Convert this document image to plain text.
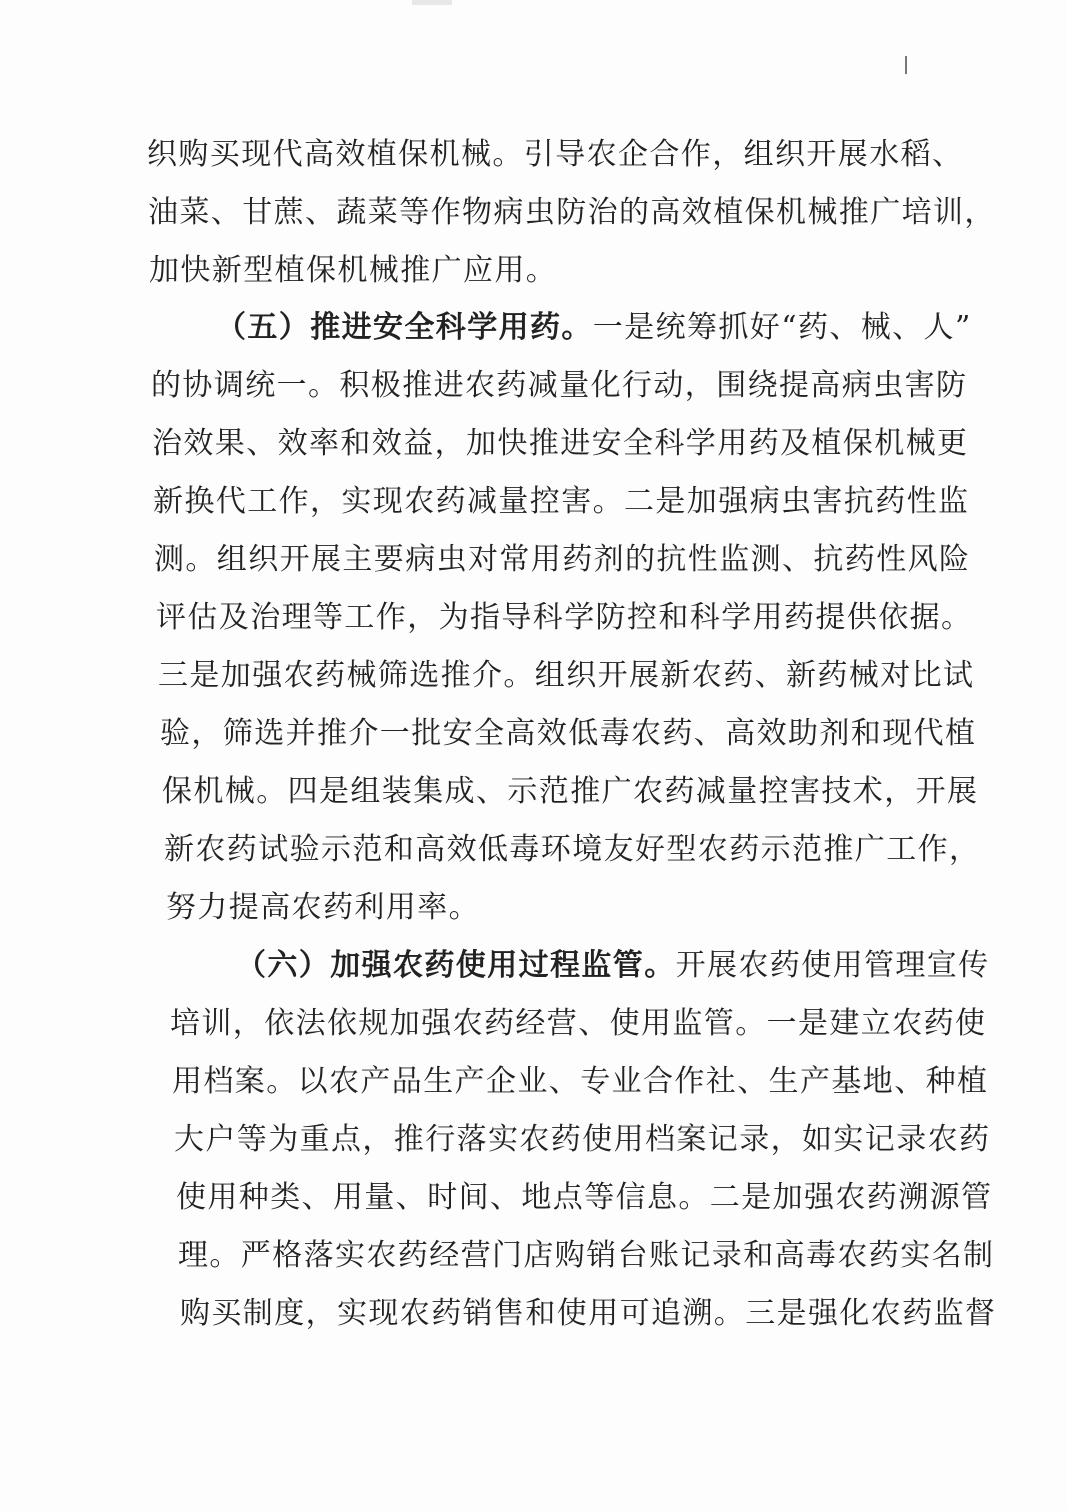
织购买现代高效植保机械。引导农企合作，组织开展水稻、
油菜、甘蔗、蔬菜等作物病虫防治的高效植保机械推广培训，
加快新型植保机械推广应用。
（五）推进安全科学用药。一是统筹抓好“药、械、人”
的协调统一。积极推进农药减量化行动，围绕提高病虫害防
治效果、效率和效益，加快推进安全科学用药及植保机械更
新换代工作，实现农药减量控害。二是加强病虫害抗药性监
测。组织开展主要病虫对常用药剂的抗性监测、抗药性风险
评估及治理等工作，为指导科学防控和科学用药提供依据。
三是加强农药械筛选推介。组织开展新农药、新药械对比试
验，筛选并推介一批安全高效低毒农药、高效助剂和现代植
保机械。四是组装集成、示范推广农药减量控害技术，开展
新农药试验示范和高效低毒环境友好型农药示范推广工作，
努力提高农药利用率。
（六）加强农药使用过程监管。开展农药使用管理宣传
培训，依法依规加强农药经营、使用监管。一是建立农药使
用档案。以农产品生产企业、专业合作社、生产基地、种植
大户等为重点，推行落实农药使用档案记录，如实记录农药
使用种类、用量、时间、地点等信息。二是加强农药溯源管
理。严格落实农药经营门店购销台账记录和高毒农药实名制
购买制度，实现农药销售和使用可追溯。三是强化农药监督
